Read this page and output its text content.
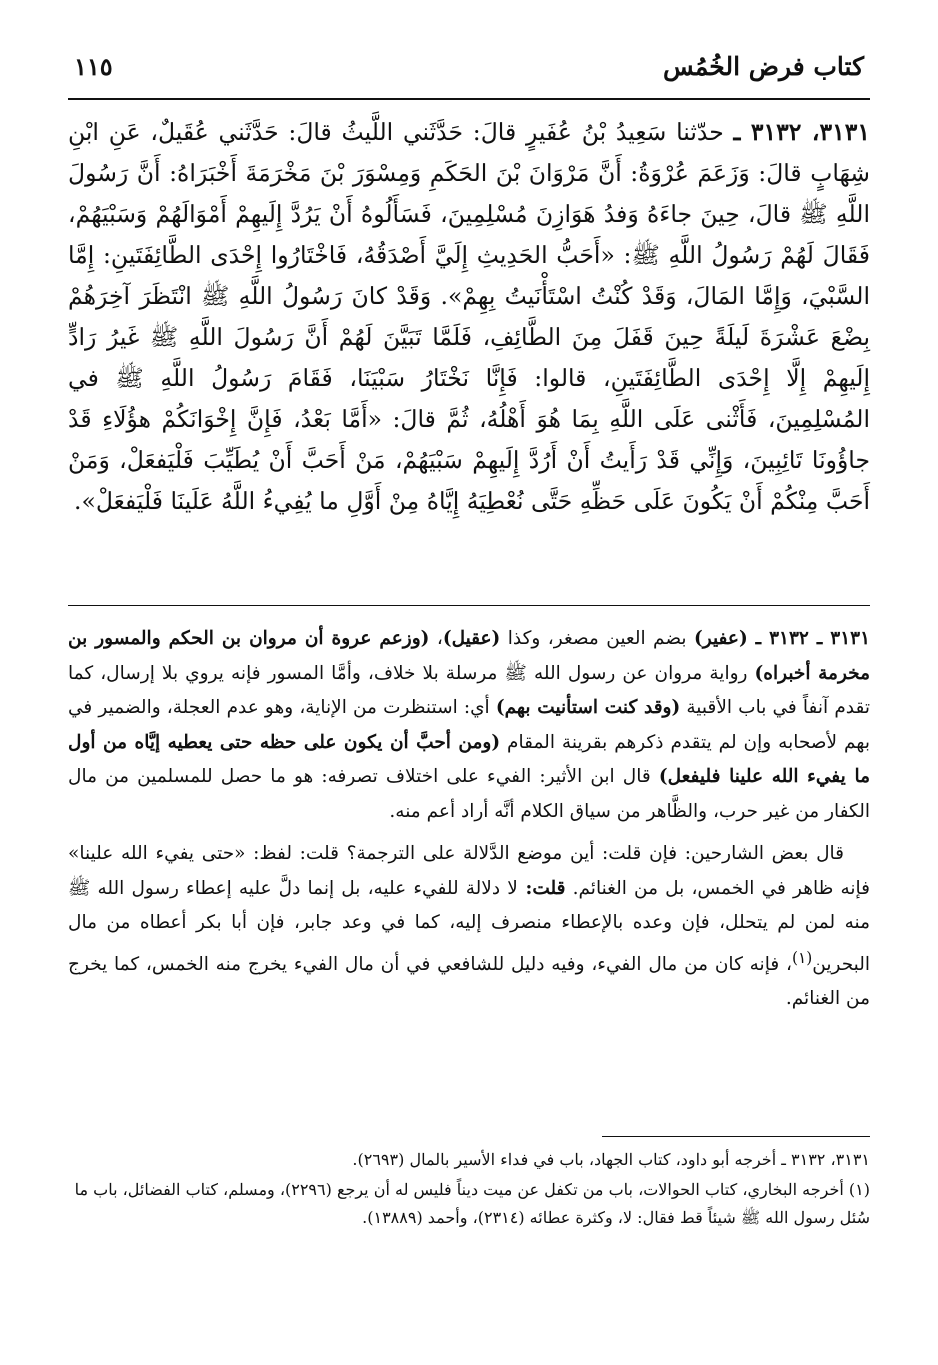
كتاب فرض الخُمُس
١١٥
٣١٣١، ٣١٣٢ ـ حدّثنا سَعِيدُ بْنُ عُفَيرٍ قالَ: حَدَّثَني اللَّيثُ قالَ: حَدَّثَني عُقَيلٌ، عَنِ ابْنِ شِهَابٍ قالَ: وَزَعَمَ عُرْوَةُ: أَنَّ مَرْوَانَ بْنَ الحَكَمِ وَمِسْوَرَ بْنَ مَخْرَمَةَ أَخْبَرَاهُ: أَنَّ رَسُولَ اللَّهِ ﷺ قالَ، حِينَ جاءَهُ وَفدُ هَوَازِنَ مُسْلِمِينَ، فَسَأَلُوهُ أَنْ يَرُدَّ إِلَيهِمْ أَمْوَالَهُمْ وَسَبْيَهُمْ، فَقَالَ لَهُمْ رَسُولُ اللَّهِ ﷺ: «أَحَبُّ الحَدِيثِ إِلَيَّ أَصْدَقُهُ، فَاخْتَارُوا إِحْدَى الطَّائِفَتَينِ: إِمَّا السَّبْيَ، وَإِمَّا المَالَ، وَقَدْ كُنْتُ اسْتَأْنَيتُ بِهِمْ». وَقَدْ كانَ رَسُولُ اللَّهِ ﷺ انْتَظَرَ آخِرَهُمْ بِضْعَ عَشْرَةَ لَيلَةً حِينَ قَفَلَ مِنَ الطَّائِفِ، فَلَمَّا تَبَيَّنَ لَهُمْ أَنَّ رَسُولَ اللَّهِ ﷺ غَيرُ رَادٍّ إِلَيهِمْ إِلَّا إِحْدَى الطَّائِفَتَينِ، قالوا: فَإِنَّا نَخْتَارُ سَبْيَنَا، فَقَامَ رَسُولُ اللَّهِ ﷺ في المُسْلِمِينَ، فَأَثْنى عَلَى اللَّهِ بِمَا هُوَ أَهْلُهُ، ثُمَّ قالَ: «أَمَّا بَعْدُ، فَإِنَّ إِخْوَانَكُمْ هؤُلَاءِ قَدْ جاؤُونَا تَائِبِينَ، وَإِنِّي قَدْ رَأَيتُ أَنْ أَرُدَّ إِلَيهِمْ سَبْيَهُمْ، مَنْ أَحَبَّ أَنْ يُطَيِّبَ فَلْيَفعَلْ، وَمَنْ أَحَبَّ مِنْكُمْ أَنْ يَكُونَ عَلَى حَظِّهِ حَتَّى نُعْطِيَهُ إِيَّاهُ مِنْ أَوَّلِ ما يُفِيءُ اللَّهُ عَلَينَا فَلْيَفعَلْ».

٣١٣١ ـ ٣١٣٢ ـ (عفير) بضم العين مصغر، وكذا (عقيل)، (وزعم عروة أن مروان بن الحكم والمسور بن مخرمة أخبراه) رواية مروان عن رسول الله ﷺ مرسلة بلا خلاف، وأمَّا المسور فإنه يروي بلا إرسال، كما تقدم آنفاً في باب الأقبية (وقد كنت استأنيت بهم) أي: استنظرت من الإناية، وهو عدم العجلة، والضمير في بهم لأصحابه وإن لم يتقدم ذكرهم بقرينة المقام (ومن أحبَّ أن يكون على حظه حتى يعطيه إيَّاه من أول ما يفيء الله علينا فليفعل) قال ابن الأثير: الفيء على اختلاف تصرفه: هو ما حصل للمسلمين من مال الكفار من غير حرب، والظَّاهر من سياق الكلام أنَّه أراد أعم منه.

قال بعض الشارحين: فإن قلت: أين موضع الدَّلالة على الترجمة؟ قلت: لفظ: «حتى يفيء الله علينا» فإنه ظاهر في الخمس، بل من الغنائم. قلت: لا دلالة للفيء عليه، بل إنما دلَّ عليه إعطاء رسول الله ﷺ منه لمن لم يتحلل، فإن وعده بالإعطاء منصرف إليه، كما في وعد جابر، فإن أبا بكر أعطاه من مال البحرين$^{(١)}$، فإنه كان من مال الفيء، وفيه دليل للشافعي في أن مال الفيء يخرج منه الخمس، كما يخرج من الغنائم.

٣١٣١، ٣١٣٢ ـ أخرجه أبو داود، كتاب الجهاد، باب في فداء الأسير بالمال (٢٦٩٣).

(١) أخرجه البخاري، كتاب الحوالات، باب من تكفل عن ميت ديناً فليس له أن يرجع (٢٢٩٦)، ومسلم، كتاب الفضائل، باب ما سُئل رسول الله ﷺ شيئاً قط فقال: لا، وكثرة عطائه (٢٣١٤)، وأحمد (١٣٨٨٩).
